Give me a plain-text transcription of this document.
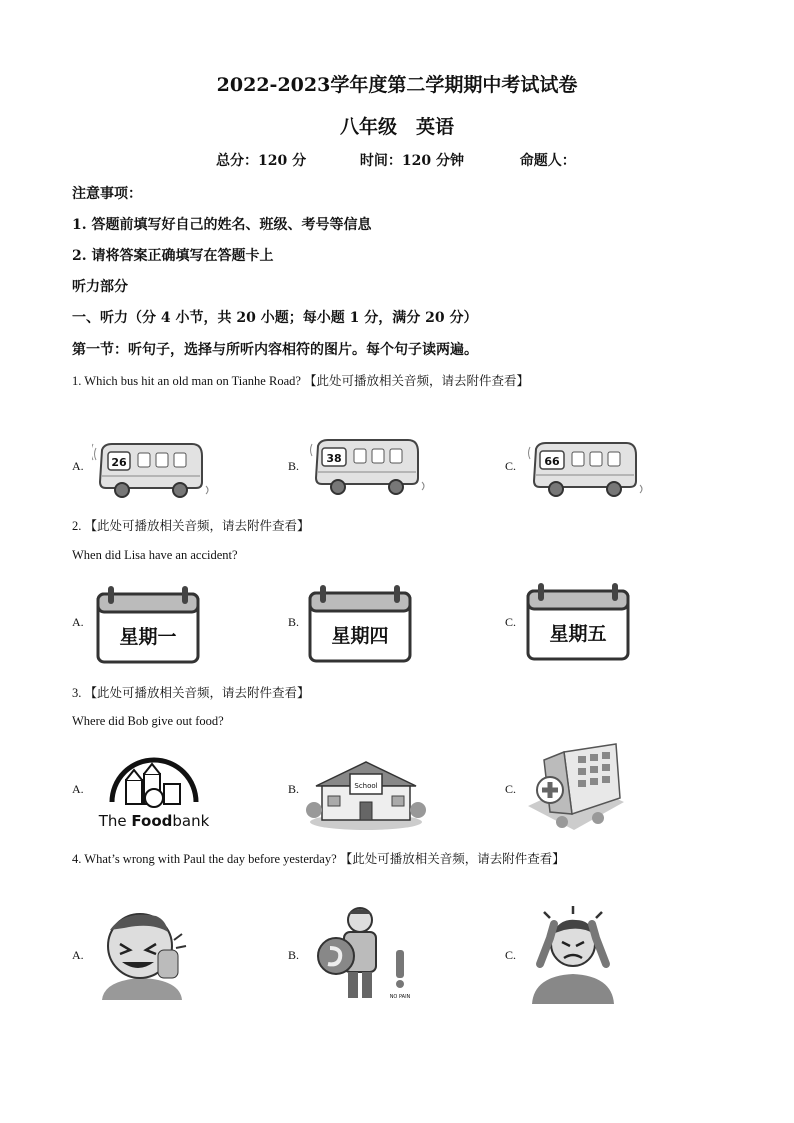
2022-2023学年度第二学期期中考试试卷
八年级　英语
总分：120 分	时间：120 分钟	命题人：
注意事项：
1. 答题前填写好自己的姓名、班级、考号等信息
2. 请将答案正确填写在答题卡上
听力部分
一、听力（分 4 小节，共 20 小题；每小题 1 分，满分 20 分）
第一节：听句子，选择与所听内容相符的图片。每个句子读两遍。
1. Which bus hit an old man on Tianhe Road? 【此处可播放相关音频，请去附件查看】
A.	26	B.
38
C.	66
2. 【此处可播放相关音频，请去附件查看】
When did Lisa have an accident?
A.
星期一
B.
星期四
C.
星期五
3. 【此处可播放相关音频，请去附件查看】
Where did Bob give out food?
A.
The Foodbank
B.	School	C.
4. What’s wrong with Paul the day before yesterday? 【此处可播放相关音频，请去附件查看】
A.	B.
NO PAIN
C.
